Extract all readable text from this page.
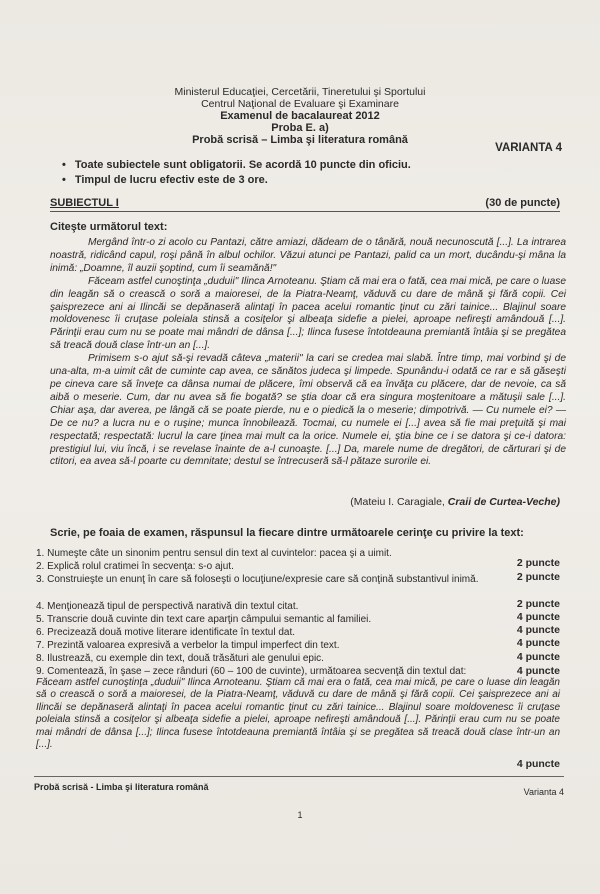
Ministerul Educaţiei, Cercetării, Tineretului şi Sportului
Centrul Naţional de Evaluare şi Examinare
Examenul de bacalaureat 2012
Proba E. a)
Probă scrisă – Limba şi literatura română
VARIANTA 4
• Toate subiectele sunt obligatorii. Se acordă 10 puncte din oficiu.
• Timpul de lucru efectiv este de 3 ore.
SUBIECTUL I	(30 de puncte)
Citeşte următorul text:

Mergând într-o zi acolo cu Pantazi, către amiazi, dădeam de o tânără, nouă necunoscută [...]. La intrarea noastră, ridicând capul, roşi până în albul ochilor. Văzui atunci pe Pantazi, palid ca un mort, ducându-şi mâna la inimă: „Doamne, îl auzii şoptind, cum îi seamănă!"

Făceam astfel cunoştinţa „duduii" Ilinca Arnoteanu. Ştiam că mai era o fată, cea mai mică, pe care o luase din leagăn să o crească o soră a maioresei, de la Piatra-Neamţ, văduvă cu dare de mână şi fără copii. Cei şaisprezece ani ai Ilincăi se depănaseră alintaţi în pacea acelui romantic ţinut cu zări tainice... Blajinul soare moldovenesc îi cruţase poleiala stinsă a cosiţelor şi albeaţa sidefie a pielei, aproape nefireşti amândouă [...]. Părinţii erau cum nu se poate mai mândri de dânsa [...]; Ilinca fusese întotdeauna premiantă întâia şi se pregătea să treacă două clase într-un an [...].

Primisem s-o ajut să-şi revadă câteva „materii" la cari se credea mai slabă. Între timp, mai vorbind şi de una-alta, m-a uimit cât de cuminte cap avea, ce sănătos judeca şi limpede. Spunându-i odată ce rar e să găseşti pe cineva care să înveţe ca dânsa numai de plăcere, îmi observă că ea învăţa cu plăcere, dar de nevoie, ca să aibă o meserie. Cum, dar nu avea să fie bogată? se ştia doar că era singura moştenitoare a mătuşii sale [...]. Chiar aşa, dar averea, pe lângă că se poate pierde, nu e o piedică la o meserie; dimpotrivă. — Cu numele ei? — De ce nu? a lucra nu e o ruşine; munca înnobilează. Tocmai, cu numele ei [...] avea să fie mai preţuită şi mai respectată; respectată: lucrul la care ţinea mai mult ca la orice. Numele ei, ştia bine ce i se datora şi ce-i datora: prestigiul lui, viu încă, i se revelase înainte de a-l cunoaşte. [...] Da, marele nume de dregători, de cărturari şi de ctitori, ea avea să-l poarte cu demnitate; destul se întrecuseră să-l pătaze surorile ei.

(Mateiu I. Caragiale, Craii de Curtea-Veche)
Scrie, pe foaia de examen, răspunsul la fiecare dintre următoarele cerinţe cu privire la text:
1. Numeşte câte un sinonim pentru sensul din text al cuvintelor: pacea şi a uimit.
2 puncte
2. Explică rolul cratimei în secvenţa: s-o ajut.
2 puncte
3. Construieşte un enunţ în care să foloseşti o locuţiune/expresie care să conţină substantivul inimă.
2 puncte
4. Menţionează tipul de perspectivă narativă din textul citat.
4 puncte
5. Transcrie două cuvinte din text care aparţin câmpului semantic al familiei.
4 puncte
6. Precizează două motive literare identificate în textul dat.
4 puncte
7. Prezintă valoarea expresivă a verbelor la timpul imperfect din text.
4 puncte
8. Ilustrează, cu exemple din text, două trăsături ale genului epic.
4 puncte
9. Comentează, în şase – zece rânduri (60 – 100 de cuvinte), următoarea secvenţă din textul dat:
Făceam astfel cunoştinţa „duduii" Ilinca Arnoteanu. Ştiam că mai era o fată, cea mai mică, pe care o luase din leagăn să o crească o soră a maioresei, de la Piatra-Neamţ, văduvă cu dare de mână şi fără copii. Cei şaisprezece ani ai Ilincăi se depănaseră alintaţi în pacea acelui romantic ţinut cu zări tainice... Blajinul soare moldovenesc îi cruţase poleiala stinsă a cosiţelor şi albeaţa sidefie a pielei, aproape nefireşti amândouă [...]. Părinţii erau cum nu se poate mai mândri de dânsa [...]; Ilinca fusese întotdeauna premiantă întâia şi se pregătea să treacă două clase într-un an [...].
4 puncte
Probă scrisă - Limba şi literatura română	Varianta 4
1
